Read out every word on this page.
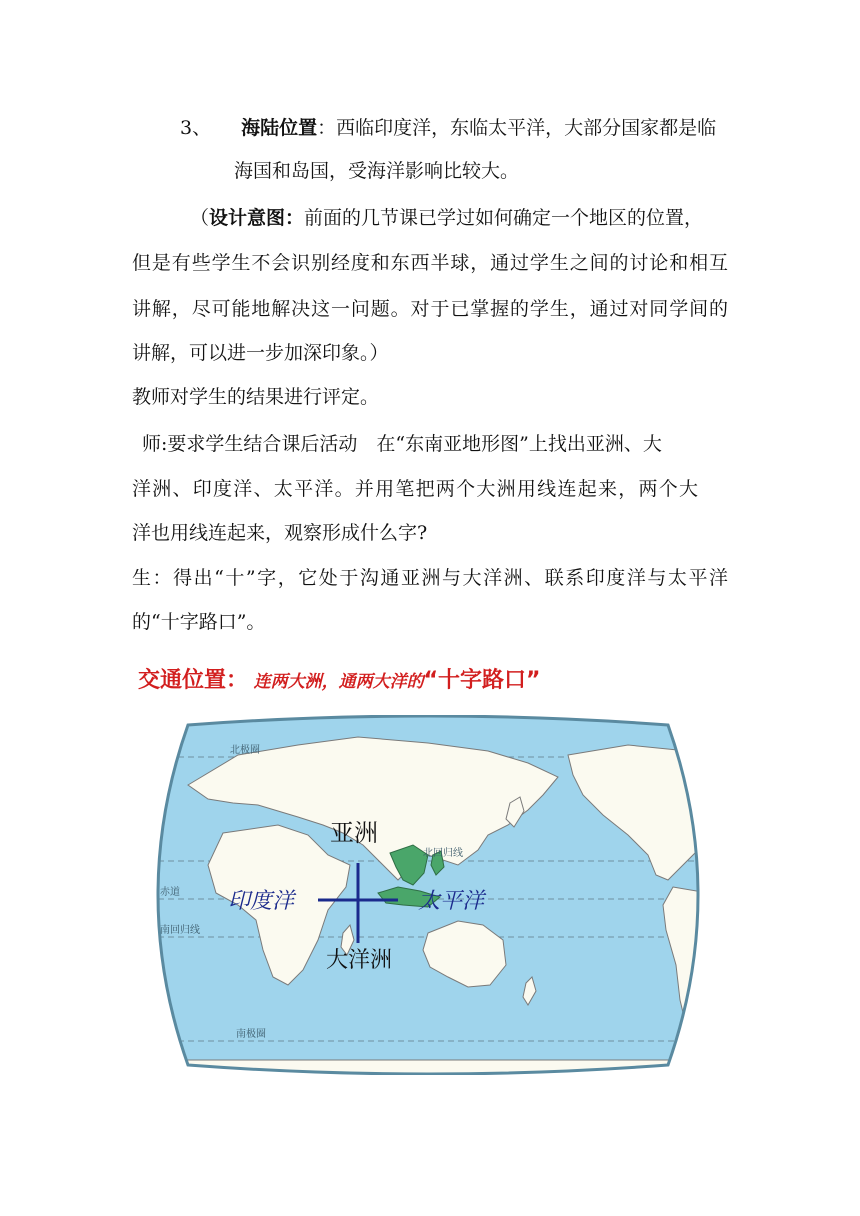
3、 海陆位置：西临印度洋，东临太平洋，大部分国家都是临
海国和岛国，受海洋影响比较大。
（设计意图：前面的几节课已学过如何确定一个地区的位置，
但是有些学生不会识别经度和东西半球，通过学生之间的讨论和相互
讲解，尽可能地解决这一问题。对于已掌握的学生，通过对同学间的
讲解，可以进一步加深印象。）
教师对学生的结果进行评定。
师:要求学生结合课后活动　在“东南亚地形图”上找出亚洲、大
洋洲、印度洋、太平洋。并用笔把两个大洲用线连起来，两个大
洋也用线连起来，观察形成什么字?
生：得出“十”字，它处于沟通亚洲与大洋洲、联系印度洋与太平洋
的“十字路口”。
交通位置： 连两大洲，通两大洋的“十字路口”
北极圈
北回归线
赤道
南回归线
南极圈
亚洲
大洋洲
印度洋	太平洋
